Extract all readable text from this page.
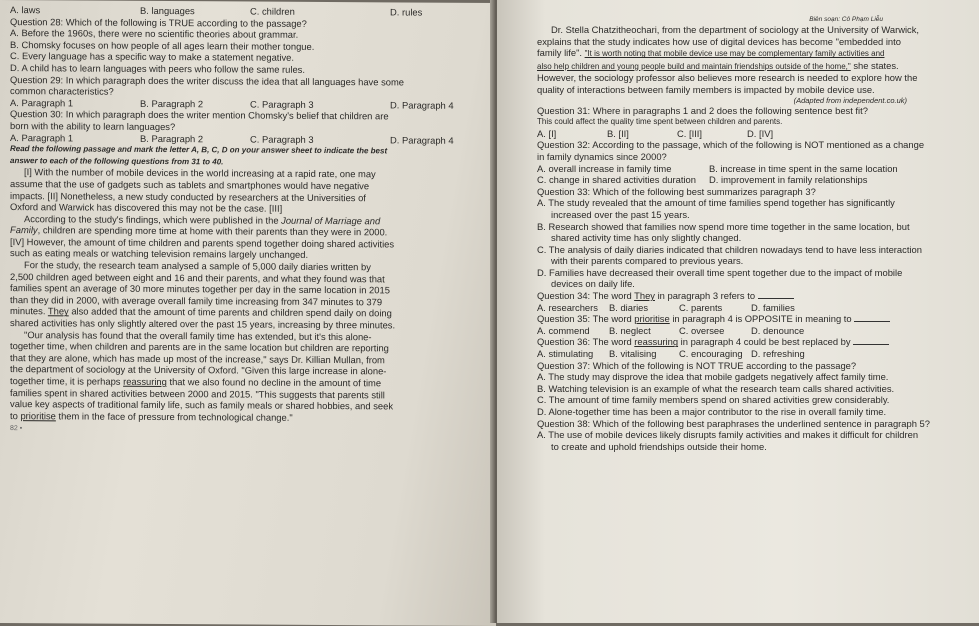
A. laws	B. languages	C. children	D. rules
Question 28: Which of the following is TRUE according to the passage?
A. Before the 1960s, there were no scientific theories about grammar.
B. Chomsky focuses on how people of all ages learn their mother tongue.
C. Every language has a specific way to make a statement negative.
D. A child has to learn languages with peers who follow the same rules.
Question 29: In which paragraph does the writer discuss the idea that all languages have some
common characteristics?
A. Paragraph 1	B. Paragraph 2	C. Paragraph 3	D. Paragraph 4
Question 30: In which paragraph does the writer mention Chomsky's belief that children are
born with the ability to learn languages?
A. Paragraph 1	B. Paragraph 2	C. Paragraph 3	D. Paragraph 4
Read the following passage and mark the letter A, B, C, D on your answer sheet to indicate the best
answer to each of the following questions from 31 to 40.
[I] With the number of mobile devices in the world increasing at a rapid rate, one may
assume that the use of gadgets such as tablets and smartphones would have negative
impacts. [II] Nonetheless, a new study conducted by researchers at the Universities of
Oxford and Warwick has discovered this may not be the case. [III]
According to the study's findings, which were published in the Journal of Marriage and
Family, children are spending more time at home with their parents than they were in 2000.
[IV] However, the amount of time children and parents spend together doing shared activities
such as eating meals or watching television remains largely unchanged.
For the study, the research team analysed a sample of 5,000 daily diaries written by
2,500 children aged between eight and 16 and their parents, and what they found was that
families spent an average of 30 more minutes together per day in the same location in 2015
than they did in 2000, with average overall family time increasing from 347 minutes to 379
minutes. They also added that the amount of time parents and children spend daily on doing
shared activities has only slightly altered over the past 15 years, increasing by three minutes.
"Our analysis has found that the overall family time has extended, but it's this alone-
together time, when children and parents are in the same location but children are reporting
that they are alone, which has made up most of the increase," says Dr. Killian Mullan, from
the department of sociology at the University of Oxford. "Given this large increase in alone-
together time, it is perhaps reassuring that we also found no decline in the amount of time
families spent in shared activities between 2000 and 2015. "This suggests that parents still
value key aspects of traditional family life, such as family meals or shared hobbies, and seek
to prioritise them in the face of pressure from technological change."
82 •
Biên soạn: Cô Phạm Liễu
Dr. Stella Chatzitheochari, from the department of sociology at the University of Warwick,
explains that the study indicates how use of digital devices has become "embedded into
family life". "It is worth noting that mobile device use may be complementary family activities and
also help children and young people build and maintain friendships outside of the home," she states.
However, the sociology professor also believes more research is needed to explore how the
quality of interactions between family members is impacted by mobile device use.
(Adapted from independent.co.uk)
Question 31: Where in paragraphs 1 and 2 does the following sentence best fit?
This could affect the quality time spent between children and parents.
A. [I]	B. [II]	C. [III]	D. [IV]
Question 32: According to the passage, which of the following is NOT mentioned as a change
in family dynamics since 2000?
A. overall increase in family time	B. increase in time spent in the same location
C. change in shared activities duration	D. improvement in family relationships
Question 33: Which of the following best summarizes paragraph 3?
A. The study revealed that the amount of time families spend together has significantly
increased over the past 15 years.
B. Research showed that families now spend more time together in the same location, but
shared activity time has only slightly changed.
C. The analysis of daily diaries indicated that children nowadays tend to have less interaction
with their parents compared to previous years.
D. Families have decreased their overall time spent together due to the impact of mobile
devices on daily life.
Question 34: The word They in paragraph 3 refers to
A. researchers	B. diaries	C. parents	D. families
Question 35: The word prioritise in paragraph 4 is OPPOSITE in meaning to
A. commend	B. neglect	C. oversee	D. denounce
Question 36: The word reassuring in paragraph 4 could be best replaced by
A. stimulating	B. vitalising	C. encouraging D. refreshing
Question 37: Which of the following is NOT TRUE according to the passage?
A. The study may disprove the idea that mobile gadgets negatively affect family time.
B. Watching television is an example of what the research team calls shared activities.
C. The amount of time family members spend on shared activities grew considerably.
D. Alone-together time has been a major contributor to the rise in overall family time.
Question 38: Which of the following best paraphrases the underlined sentence in paragraph 5?
A. The use of mobile devices likely disrupts family activities and makes it difficult for children
to create and uphold friendships outside their home.
